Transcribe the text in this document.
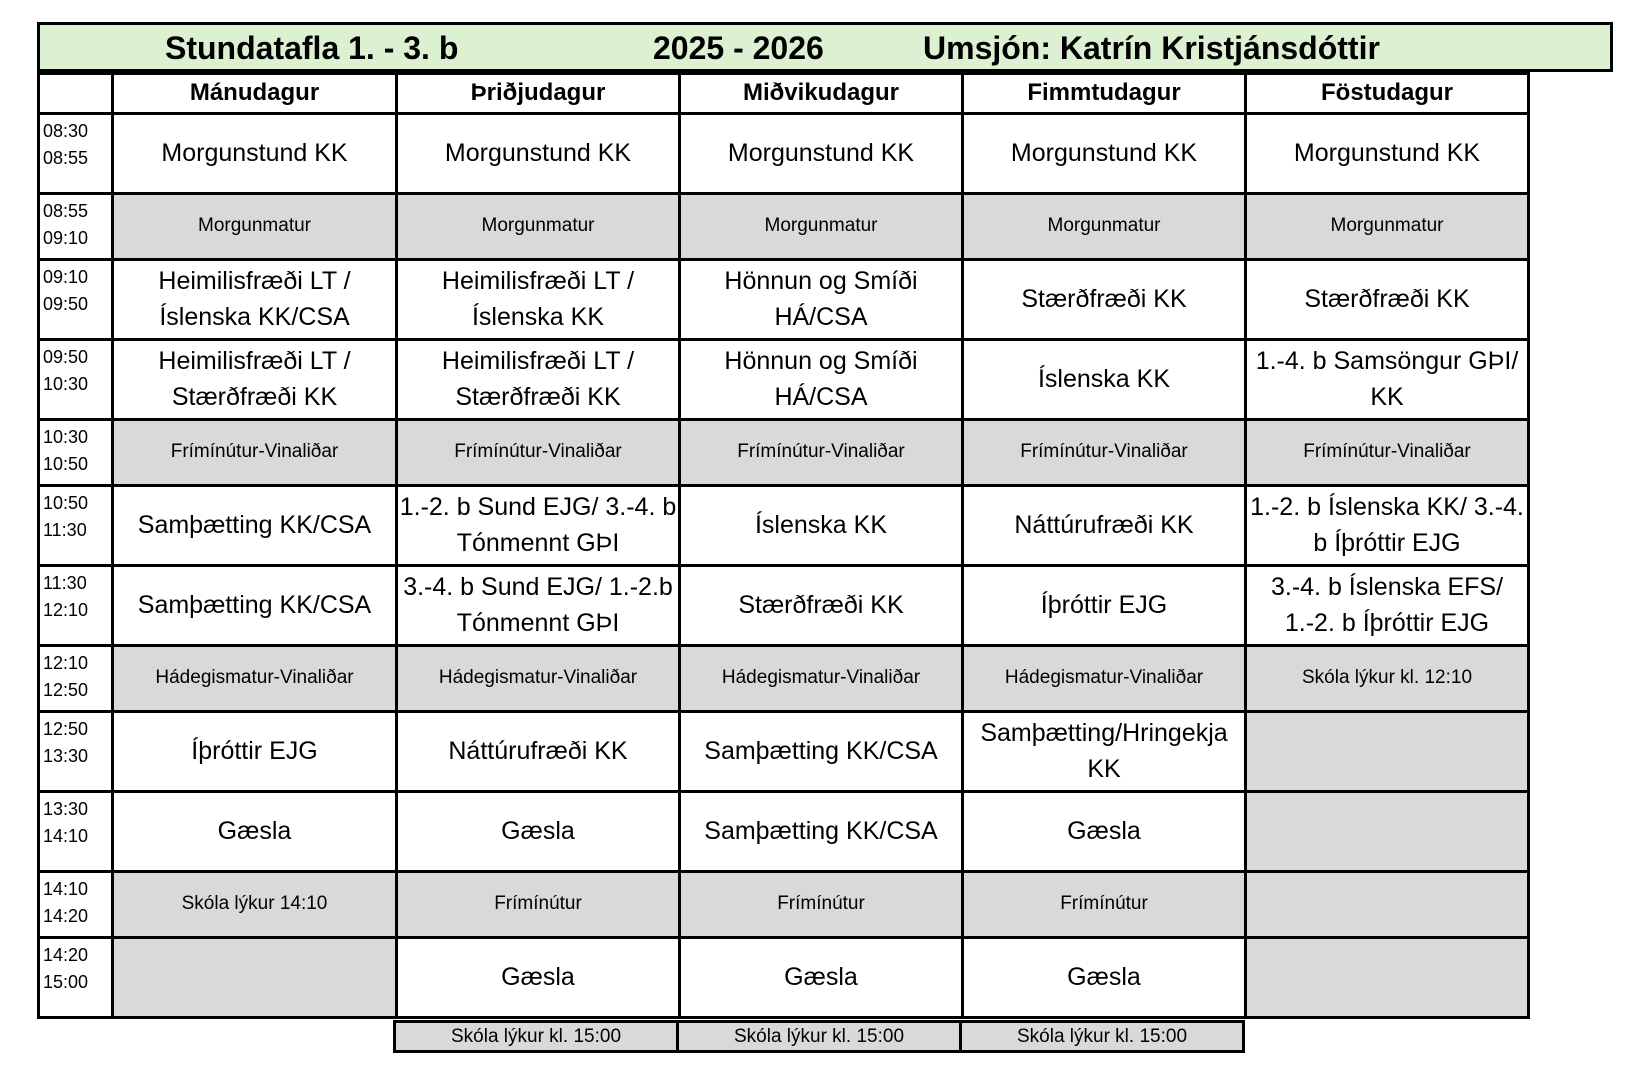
Stundatafla 1. - 3. b	2025 - 2026	Umsjón: Katrín Kristjánsdóttir
	Mánudagur	Þriðjudagur	Miðvikudagur	Fimmtudagur	Föstudagur

08:30
08:55	Morgunstund KK	Morgunstund KK	Morgunstund KK	Morgunstund KK	Morgunstund KK

08:55
09:10	Morgunmatur	Morgunmatur	Morgunmatur	Morgunmatur	Morgunmatur

09:10
09:50	Heimilisfræði LT / Íslenska KK/CSA	Heimilisfræði LT / Íslenska KK	Hönnun og Smíði HÁ/CSA	Stærðfræði KK	Stærðfræði KK

09:50
10:30	Heimilisfræði LT / Stærðfræði KK	Heimilisfræði LT / Stærðfræði KK	Hönnun og Smíði HÁ/CSA	Íslenska KK	1.-4. b Samsöngur GÞI/ KK

10:30
10:50	Frímínútur-Vinaliðar	Frímínútur-Vinaliðar	Frímínútur-Vinaliðar	Frímínútur-Vinaliðar	Frímínútur-Vinaliðar

10:50
11:30	Samþætting KK/CSA	1.-2. b Sund EJG/ 3.-4. b Tónmennt GÞI	Íslenska KK	Náttúrufræði KK	1.-2. b Íslenska KK/ 3.-4. b Íþróttir EJG

11:30
12:10	Samþætting KK/CSA	3.-4. b Sund EJG/ 1.-2.b Tónmennt GÞI	Stærðfræði KK	Íþróttir EJG	3.-4. b Íslenska EFS/ 1.-2. b Íþróttir EJG

12:10
12:50	Hádegismatur-Vinaliðar	Hádegismatur-Vinaliðar	Hádegismatur-Vinaliðar	Hádegismatur-Vinaliðar	Skóla lýkur kl. 12:10

12:50
13:30	Íþróttir EJG	Náttúrufræði KK	Samþætting KK/CSA	Samþætting/Hringekja KK	

13:30
14:10	Gæsla	Gæsla	Samþætting KK/CSA	Gæsla	

14:10
14:20	Skóla lýkur 14:10	Frímínútur	Frímínútur	Frímínútur	

14:20
15:00		Gæsla	Gæsla	Gæsla	
Skóla lýkur kl. 15:00	Skóla lýkur kl. 15:00	Skóla lýkur kl. 15:00
